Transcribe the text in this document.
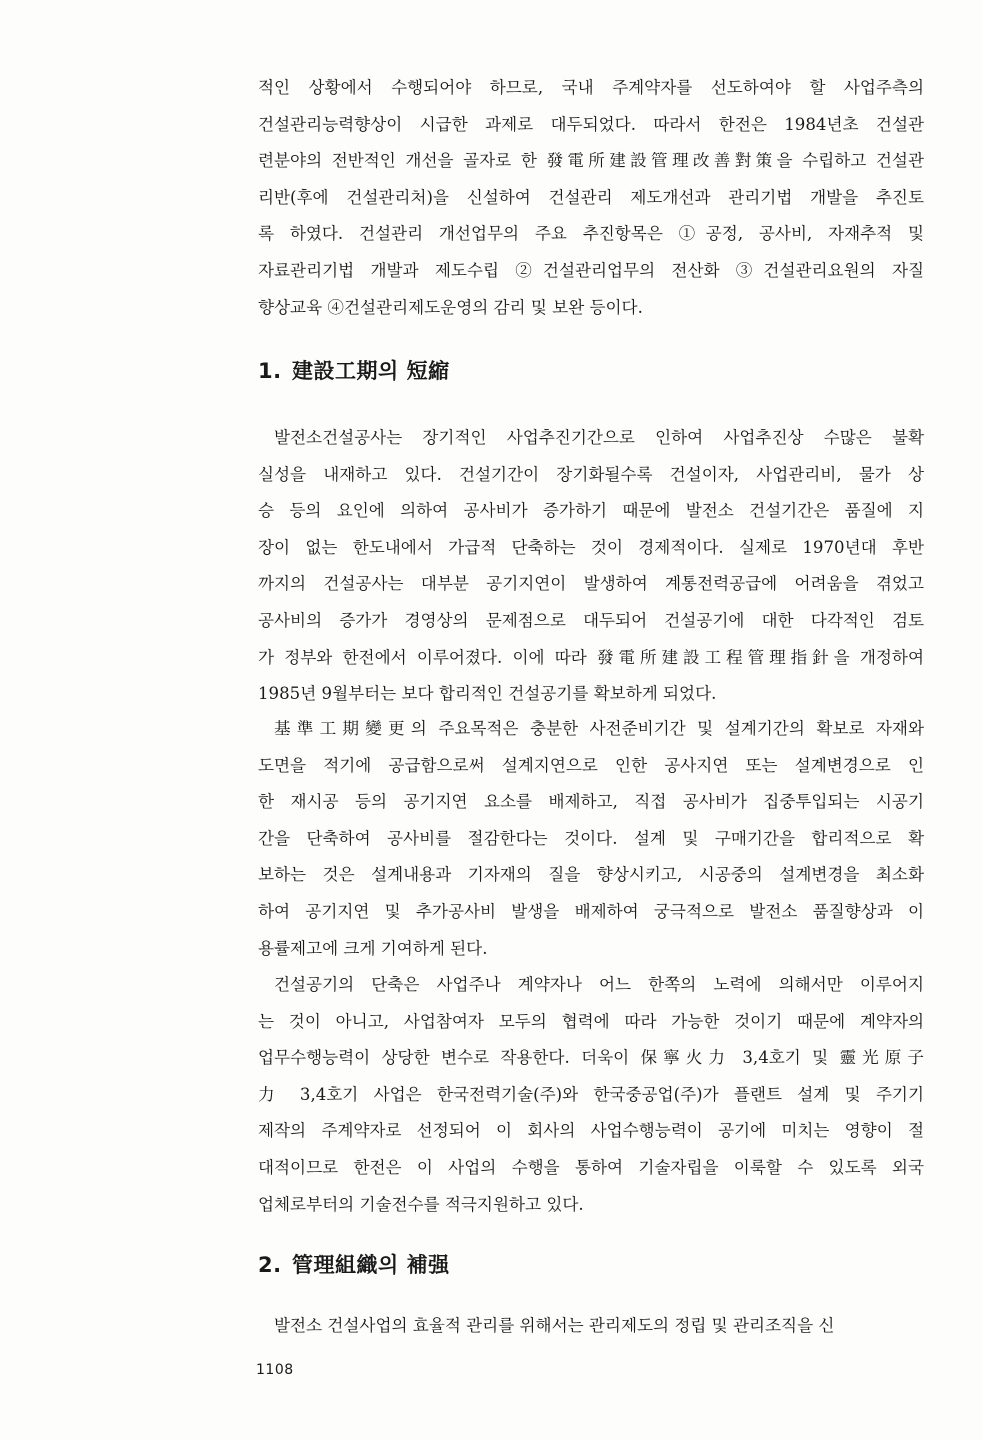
적인 상황에서 수행되어야 하므로, 국내 주계약자를 선도하여야 할 사업주측의
건설관리능력향상이 시급한 과제로 대두되었다. 따라서 한전은 1984년초 건설관
련분야의 전반적인 개선을 골자로 한 發電所建設管理改善對策을 수립하고 건설관
리반(후에 건설관리처)을 신설하여 건설관리 제도개선과 관리기법 개발을 추진토
록 하였다. 건설관리 개선업무의 주요 추진항목은 ①공정, 공사비, 자재추적 및
자료관리기법 개발과 제도수립 ②건설관리업무의 전산화 ③건설관리요원의 자질
향상교육 ④건설관리제도운영의 감리 및 보완 등이다.
1. 建設工期의 短縮
발전소건설공사는 장기적인 사업추진기간으로 인하여 사업추진상 수많은 불확
실성을 내재하고 있다. 건설기간이 장기화될수록 건설이자, 사업관리비, 물가 상
승 등의 요인에 의하여 공사비가 증가하기 때문에 발전소 건설기간은 품질에 지
장이 없는 한도내에서 가급적 단축하는 것이 경제적이다. 실제로 1970년대 후반
까지의 건설공사는 대부분 공기지연이 발생하여 계통전력공급에 어려움을 겪었고
공사비의 증가가 경영상의 문제점으로 대두되어 건설공기에 대한 다각적인 검토
가 정부와 한전에서 이루어졌다. 이에 따라 發電所建設工程管理指針을 개정하여
1985년 9월부터는 보다 합리적인 건설공기를 확보하게 되었다.
基準工期變更의 주요목적은 충분한 사전준비기간 및 설계기간의 확보로 자재와
도면을 적기에 공급함으로써 설계지연으로 인한 공사지연 또는 설계변경으로 인
한 재시공 등의 공기지연 요소를 배제하고, 직접 공사비가 집중투입되는 시공기
간을 단축하여 공사비를 절감한다는 것이다. 설계 및 구매기간을 합리적으로 확
보하는 것은 설계내용과 기자재의 질을 향상시키고, 시공중의 설계변경을 최소화
하여 공기지연 및 추가공사비 발생을 배제하여 궁극적으로 발전소 품질향상과 이
용률제고에 크게 기여하게 된다.
건설공기의 단축은 사업주나 계약자나 어느 한쪽의 노력에 의해서만 이루어지
는 것이 아니고, 사업참여자 모두의 협력에 따라 가능한 것이기 때문에 계약자의
업무수행능력이 상당한 변수로 작용한다. 더욱이 保寧火力 3,4호기 및 靈光原子
力 3,4호기 사업은 한국전력기술(주)와 한국중공업(주)가 플랜트 설계 및 주기기
제작의 주계약자로 선정되어 이 회사의 사업수행능력이 공기에 미치는 영향이 절
대적이므로 한전은 이 사업의 수행을 통하여 기술자립을 이룩할 수 있도록 외국
업체로부터의 기술전수를 적극지원하고 있다.
2. 管理組織의 補强
발전소 건설사업의 효율적 관리를 위해서는 관리제도의 정립 및 관리조직을 신
1108
